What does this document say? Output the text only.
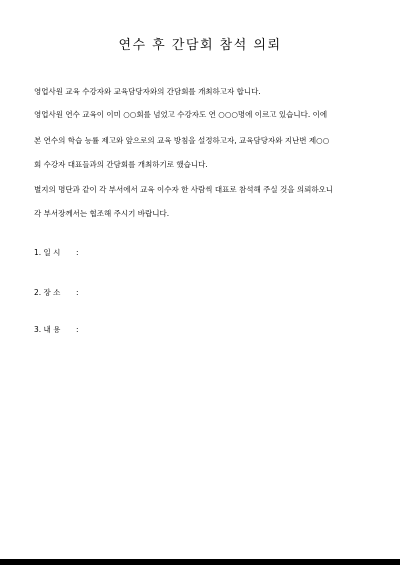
연수 후 간담회 참석 의뢰
영업사원 교육 수강자와 교육담당자와의 간담회를 개최하고자 합니다.
영업사원 연수 교육이 이미 ○○회를 넘었고 수강자도 연 ○○○명에 이르고 있습니다. 이에
본 연수의 학습 능률 제고와 앞으로의 교육 방침을 설정하고자, 교육담당자와 지난번 제○○
회 수강자 대표들과의 간담회를 개최하기로 했습니다.
별지의 명단과 같이 각 부서에서 교육 이수자 한 사람씩 대표로 참석해 주실 것을 의뢰하오니
각 부서장께서는 협조해 주시기 바랍니다.
1. 일 시 :
2. 장 소 :
3. 내 용 :
